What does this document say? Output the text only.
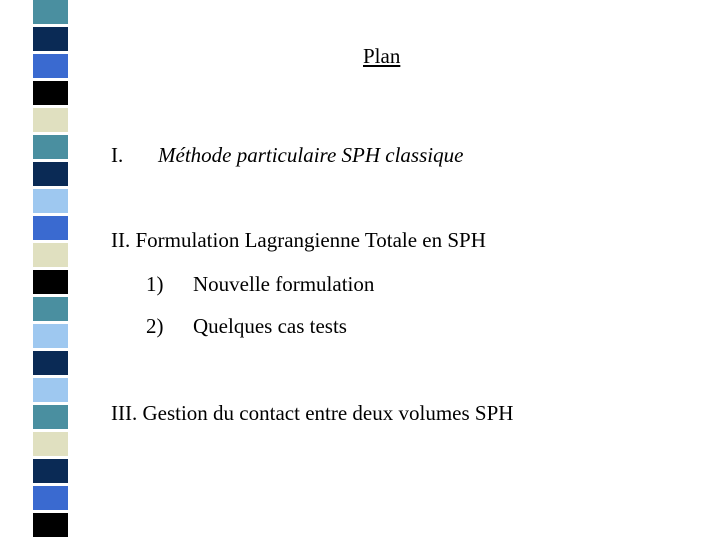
Plan
I. Méthode particulaire SPH classique
II. Formulation Lagrangienne Totale en SPH
1) Nouvelle formulation
2) Quelques cas tests
III. Gestion du contact entre deux volumes SPH
